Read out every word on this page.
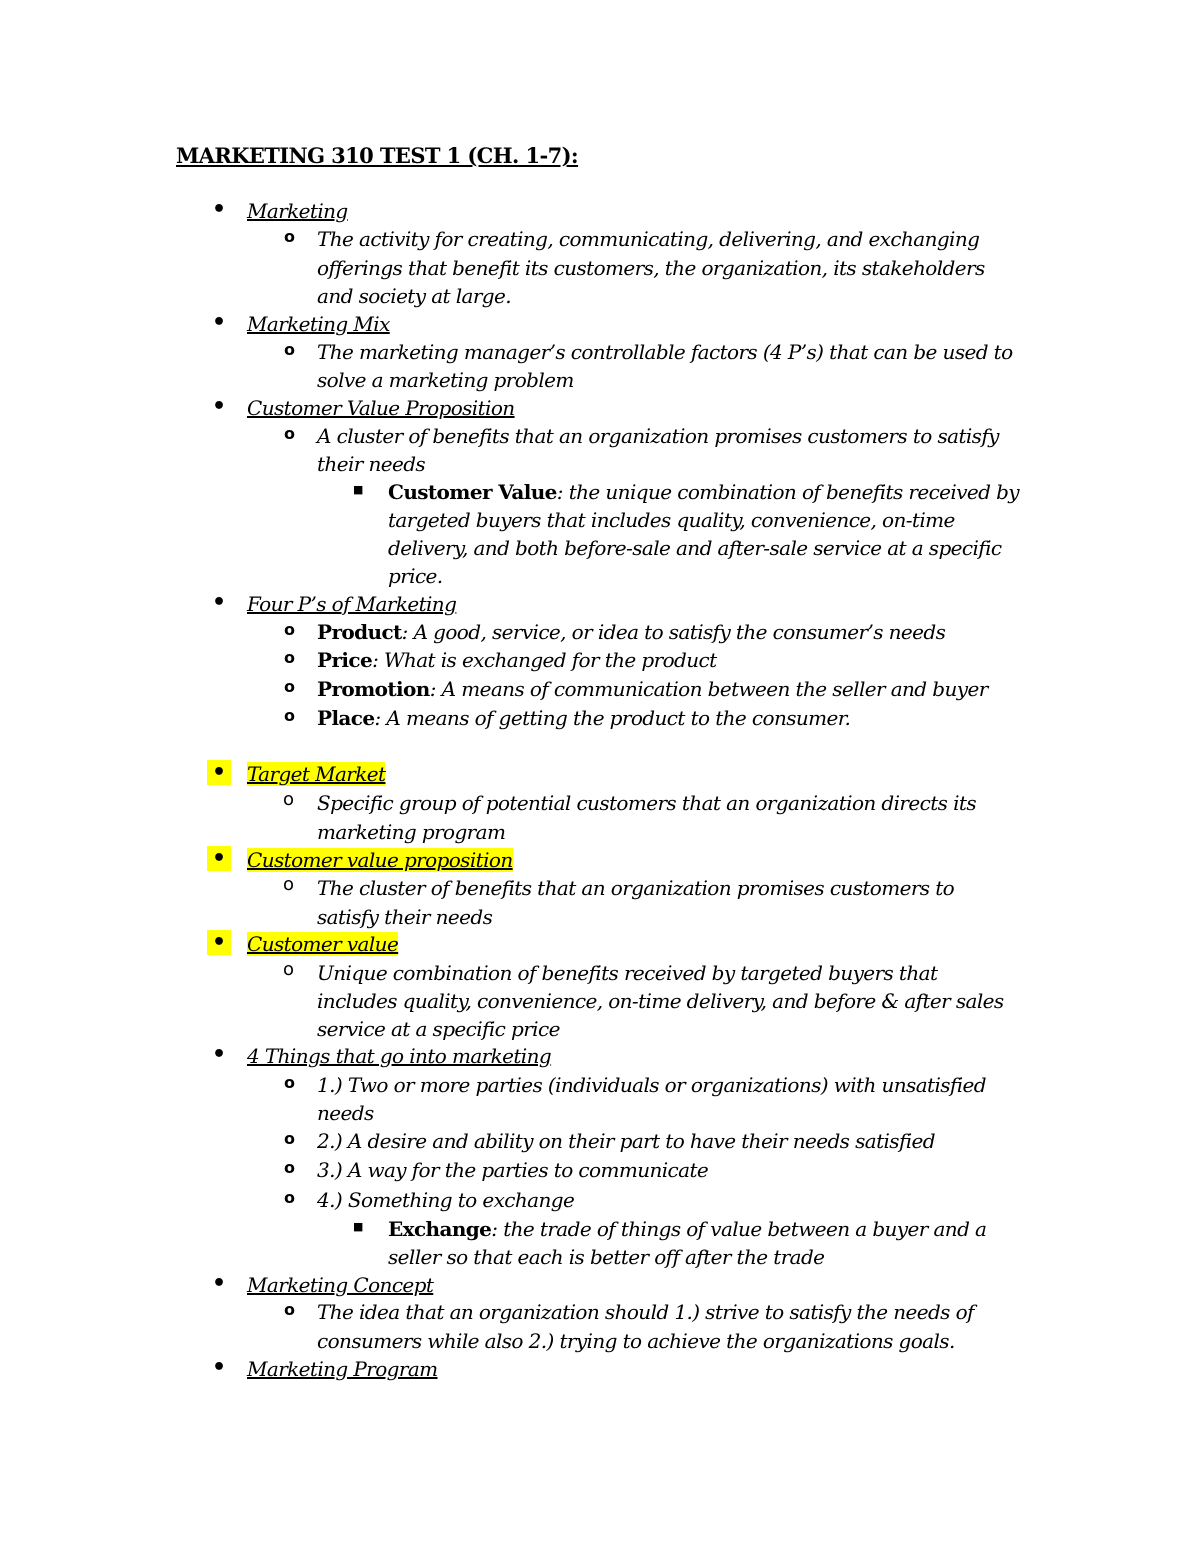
MARKETING 310 TEST 1 (CH. 1-7):
• Marketing
o The activity for creating, communicating, delivering, and exchanging
offerings that benefit its customers, the organization, its stakeholders
and society at large.
• Marketing Mix
o The marketing manager’s controllable factors (4 P’s) that can be used to
solve a marketing problem
• Customer Value Proposition
o A cluster of benefits that an organization promises customers to satisfy
their needs
■ Customer Value: the unique combination of benefits received by
targeted buyers that includes quality, convenience, on-time
delivery, and both before-sale and after-sale service at a specific
price.
• Four P’s of Marketing
o Product: A good, service, or idea to satisfy the consumer’s needs
o Price: What is exchanged for the product
o Promotion: A means of communication between the seller and buyer
o Place: A means of getting the product to the consumer.
• Target Market
o Specific group of potential customers that an organization directs its
marketing program
• Customer value proposition
o The cluster of benefits that an organization promises customers to
satisfy their needs
• Customer value
o Unique combination of benefits received by targeted buyers that
includes quality, convenience, on-time delivery, and before & after sales
service at a specific price
• 4 Things that go into marketing
o 1.) Two or more parties (individuals or organizations) with unsatisfied
needs
o 2.) A desire and ability on their part to have their needs satisfied
o 3.) A way for the parties to communicate
o 4.) Something to exchange
■ Exchange: the trade of things of value between a buyer and a
seller so that each is better off after the trade
• Marketing Concept
o The idea that an organization should 1.) strive to satisfy the needs of
consumers while also 2.) trying to achieve the organizations goals.
• Marketing Program
